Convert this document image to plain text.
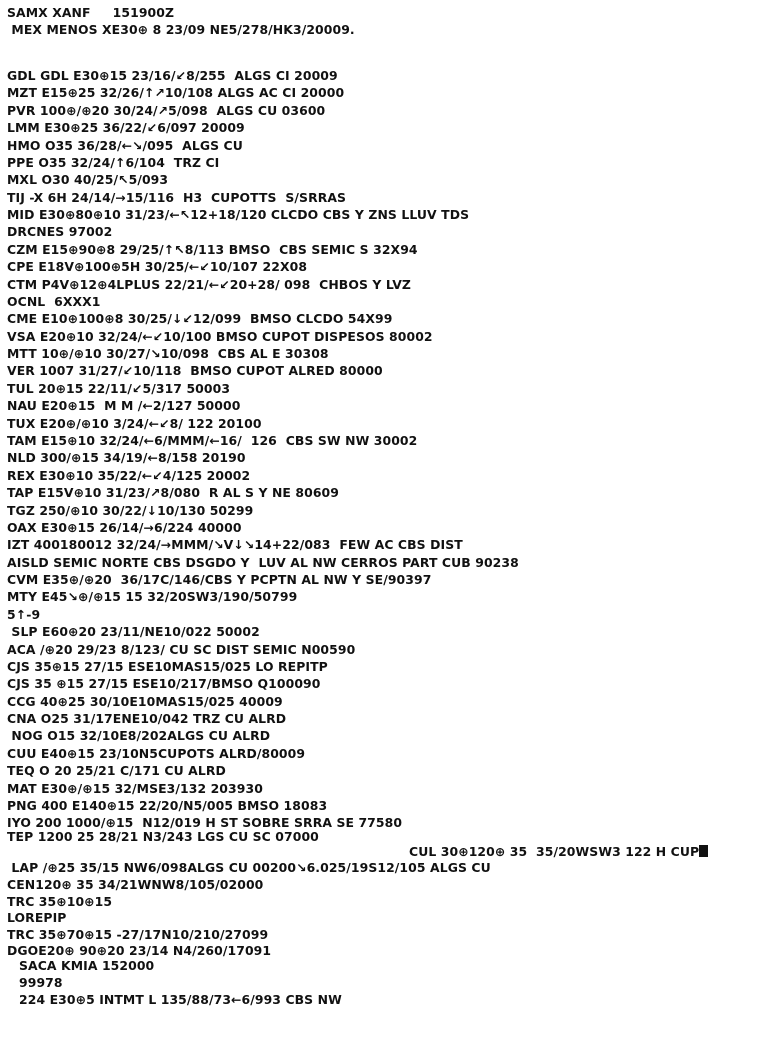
SAMX XANF     151900Z
MEX MENOS XE30⊕ 8 23/09 NE5/278/HK3/20009.
GDL GDL E30⊕15 23/16/↙8/255  ALGS CI 20009
MZT E15⊕25 32/26/↑↗10/108 ALGS AC CI 20000
PVR 100⊕/⊕20 30/24/↗5/098  ALGS CU 03600
LMM E30⊕25 36/22/↙6/097 20009
HMO O35 36/28/←↘/095  ALGS CU
PPE O35 32/24/↑6/104  TRZ CI
MXL O30 40/25/↖5/093
TIJ -X 6H 24/14/→15/116  H3  CUPOTTS  S/SRRAS
MID E30⊕80⊕10 31/23/←↖12+18/120 CLCDO CBS Y ZNS LLUV TDS
DRCNES 97002
CZM E15⊕90⊕8 29/25/↑↖8/113 BMSO  CBS SEMIC S 32X94
CPE E18V⊕100⊕5H 30/25/←↙10/107 22X08
CTM P4V⊕12⊕4LPLUS 22/21/←↙20+28/ 098  CHBOS Y LVZ
OCNL  6XXX1
CME E10⊕100⊕8 30/25/↓↙12/099  BMSO CLCDO 54X99
VSA E20⊕10 32/24/←↙10/100 BMSO CUPOT DISPESOS 80002
MTT 10⊕/⊕10 30/27/↘10/098  CBS AL E 30308
VER 1007 31/27/↙10/118  BMSO CUPOT ALRED 80000
TUL 20⊕15 22/11/↙5/317 50003
NAU E20⊕15  M M /←2/127 50000
TUX E20⊕/⊕10 3/24/←↙8/ 122 20100
TAM E15⊕10 32/24/←6/MMM/←16/  126  CBS SW NW 30002
NLD 300/⊕15 34/19/←8/158 20190
REX E30⊕10 35/22/←↙4/125 20002
TAP E15V⊕10 31/23/↗8/080  R AL S Y NE 80609
TGZ 250/⊕10 30/22/↓10/130 50299
OAX E30⊕15 26/14/→6/224 40000
IZT 400180012 32/24/→MMM/↘V↓↘14+22/083  FEW AC CBS DIST
AISLD SEMIC NORTE CBS DSGDO Y  LUV AL NW CERROS PART CUB 90238
CVM E35⊕/⊕20  36/17C/146/CBS Y PCPTN AL NW Y SE/90397
MTY E45↘⊕/⊕15 15 32/20SW3/190/50799
5↑-9
SLP E60⊕20 23/11/NE10/022 50002
ACA /⊕20 29/23 8/123/ CU SC DIST SEMIC N00590
CJS 35⊕15 27/15 ESE10MAS15/025 LO REPITP
CJS 35 ⊕15 27/15 ESE10/217/BMSO Q100090
CCG 40⊕25 30/10E10MAS15/025 40009
CNA O25 31/17ENE10/042 TRZ CU ALRD
NOG O15 32/10E8/202ALGS CU ALRD
CUU E40⊕15 23/10N5CUPOTS ALRD/80009
TEQ O 20 25/21 C/171 CU ALRD
MAT E30⊕/⊕15 32/MSE3/132 203930
PNG 400 E140⊕15 22/20/N5/005 BMSO 18083
IYO 200 1000/⊕15  N12/019 H ST SOBRE SRRA SE 77580
TEP 1200 25 28/21 N3/243 LGS CU SC 07000
CUL 30⊕120⊕ 35  35/20WSW3 122 H CUP
LAP /⊕25 35/15 NW6/098ALGS CU 00200↘6.025/19S12/105 ALGS CU
CEN120⊕ 35 34/21WNW8/105/02000
TRC 35⊕10⊕15
LOREPIP
TRC 35⊕70⊕15 -27/17N10/210/27099
DGOE20⊕ 90⊕20 23/14 N4/260/17091
SACA KMIA 152000
99978
224 E30⊕5 INTMT L 135/88/73←6/993 CBS NW
